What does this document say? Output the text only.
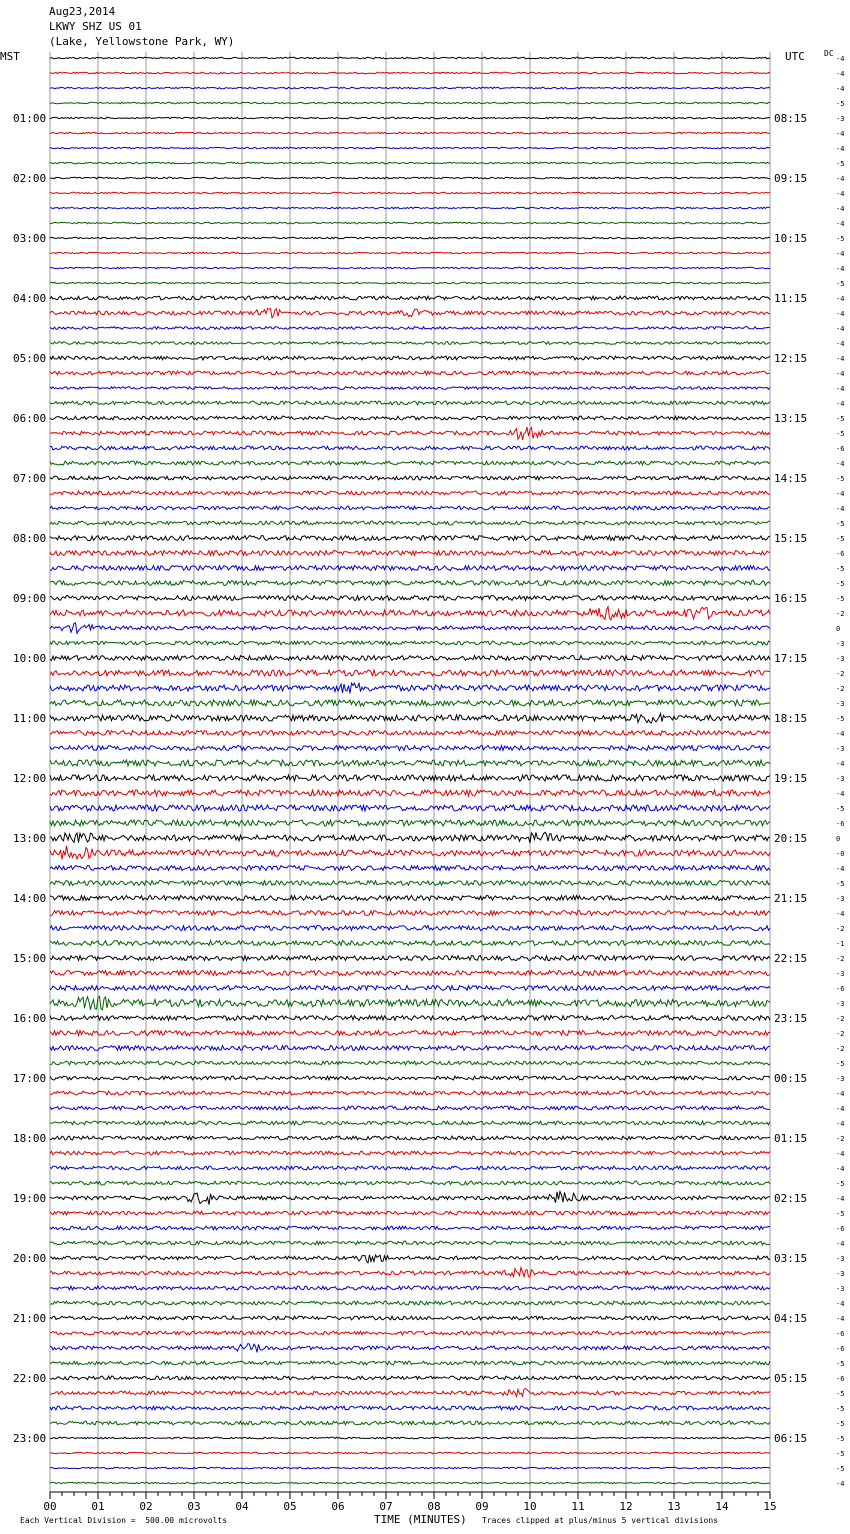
Aug23,2014
LKWY SHZ US 01
(Lake, Yellowstone Park, WY)
MST	UTC DC
-4
-4
-4
-5
-3
-4
-4
-5
-4
-4
-4
-4
-5
-4
-4
-5
-4
-4
-4
-4
-4
-4
-4
-4
-5
-5
-6
-4
-5
-4
-4
-5
-5
-6
-5
-5
-5
-2
0
-3
-3
-2
-2
-3
-5
-4
-3
-4
-3
-4
-5
-6
0
-0
-4
-5
-3
-4
-2
-1
-2
-3
-6
-3
-2
-2
-2
-5
-3
-4
-4
-4
-2
-4
-4
-5
-4
-5
-6
-4
-3
-3
-3
-4
-4
-6
-6
-5
-6
-5
-5
-5
-5
-5
-5
-4
01:00	08:15
02:00	09:15
03:00	10:15
04:00	11:15
05:00	12:15
06:00	13:15
07:00	14:15
08:00	15:15
09:00	16:15
10:00	17:15
11:00	18:15
12:00	19:15
13:00	20:15
14:00	21:15
15:00	22:15
16:00	23:15
17:00	00:15
18:00	01:15
19:00	02:15
20:00	03:15
21:00	04:15
22:00	05:15
23:00	06:15
00	01	02	03	04	05	06	07	08	09	10	11	12	13	14	15
Each Vertical Division =  500.00 microvolts	TIME (MINUTES) Traces clipped at plus/minus 5 vertical divisions
